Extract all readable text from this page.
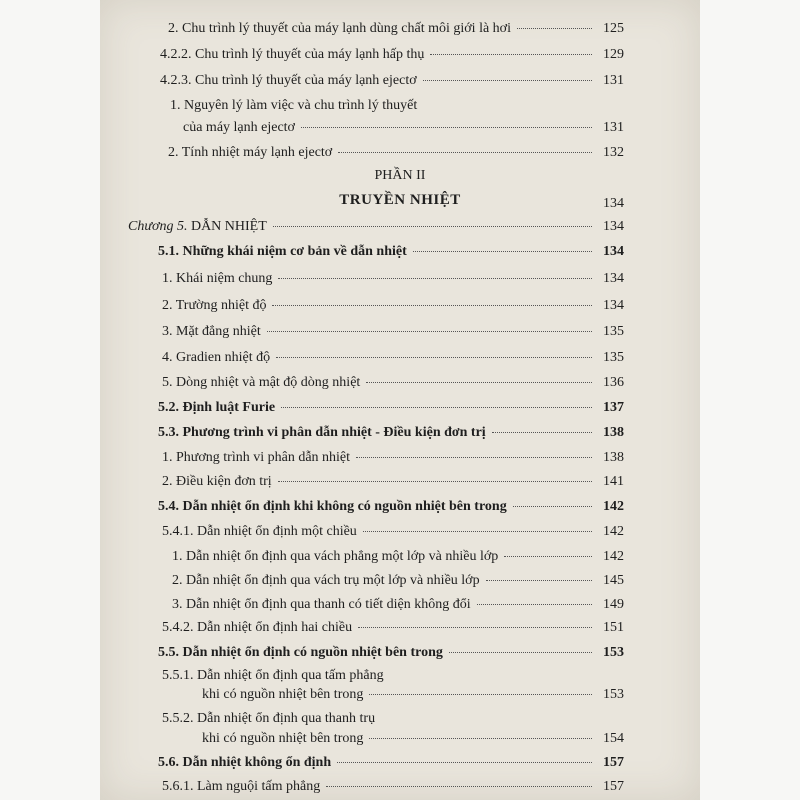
2. Chu trình lý thuyết của máy lạnh dùng chất môi giới là hơi	125
4.2.2. Chu trình lý thuyết của máy lạnh hấp thụ	129
4.2.3. Chu trình lý thuyết của máy lạnh ejectơ	131
1. Nguyên lý làm việc và chu trình lý thuyết
của máy lạnh ejectơ	131
2. Tính nhiệt máy lạnh ejectơ	132
PHẦN II
TRUYỀN NHIỆT	134
Chương 5. DẪN NHIỆT	134
5.1. Những khái niệm cơ bản về dẫn nhiệt	134
1. Khái niệm chung	134
2. Trường nhiệt độ	134
3. Mặt đẳng nhiệt	135
4. Gradien nhiệt độ	135
5. Dòng nhiệt và mật độ dòng nhiệt	136
5.2. Định luật Furie	137
5.3. Phương trình vi phân dẫn nhiệt - Điều kiện đơn trị	138
1. Phương trình vi phân dẫn nhiệt	138
2. Điều kiện đơn trị	141
5.4. Dẫn nhiệt ổn định khi không có nguồn nhiệt bên trong	142
5.4.1. Dẫn nhiệt ổn định một chiều	142
1. Dẫn nhiệt ổn định qua vách phẳng một lớp và nhiều lớp	142
2. Dẫn nhiệt ổn định qua vách trụ một lớp và nhiều lớp	145
3. Dẫn nhiệt ổn định qua thanh có tiết diện không đổi	149
5.4.2. Dẫn nhiệt ổn định hai chiều	151
5.5. Dẫn nhiệt ổn định có nguồn nhiệt bên trong	153
5.5.1. Dẫn nhiệt ổn định qua tấm phẳng
khi có nguồn nhiệt bên trong	153
5.5.2. Dẫn nhiệt ổn định qua thanh trụ
khi có nguồn nhiệt bên trong	154
5.6. Dẫn nhiệt không ổn định	157
5.6.1. Làm nguội tấm phẳng	157
